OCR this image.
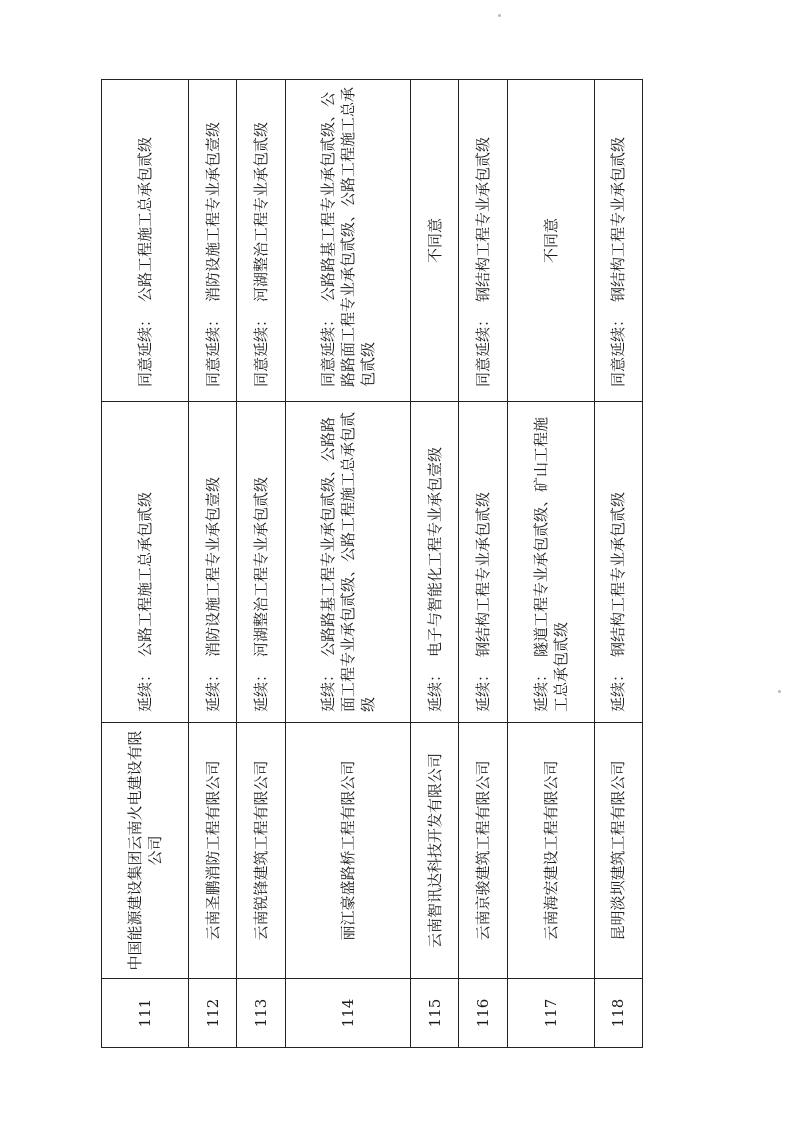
111	中国能源建设集团云南火电建设有限公司	延续：公路工程施工总承包贰级	同意延续：公路工程施工总承包贰级
112	云南圣鹏消防工程有限公司	延续：消防设施工程专业承包壹级	同意延续：消防设施工程专业承包壹级
113	云南锐锋建筑工程有限公司	延续：河湖整治工程专业承包贰级	同意延续：河湖整治工程专业承包贰级
114	丽江豪盛路桥工程有限公司	延续：公路路基工程专业承包贰级、公路路面工程专业承包贰级、公路工程施工总承包贰级	同意延续：公路路基工程专业承包贰级、公路路面工程专业承包贰级、公路工程施工总承包贰级
115	云南智讯达科技开发有限公司	延续：电子与智能化工程专业承包壹级	不同意
116	云南京骏建筑工程有限公司	延续：钢结构工程专业承包贰级	同意延续：钢结构工程专业承包贰级
117	云南海宏建设工程有限公司	延续：隧道工程专业承包贰级、矿山工程施工总承包贰级	不同意
118	昆明淡坝建筑工程有限公司	延续：钢结构工程专业承包贰级	同意延续：钢结构工程专业承包贰级
